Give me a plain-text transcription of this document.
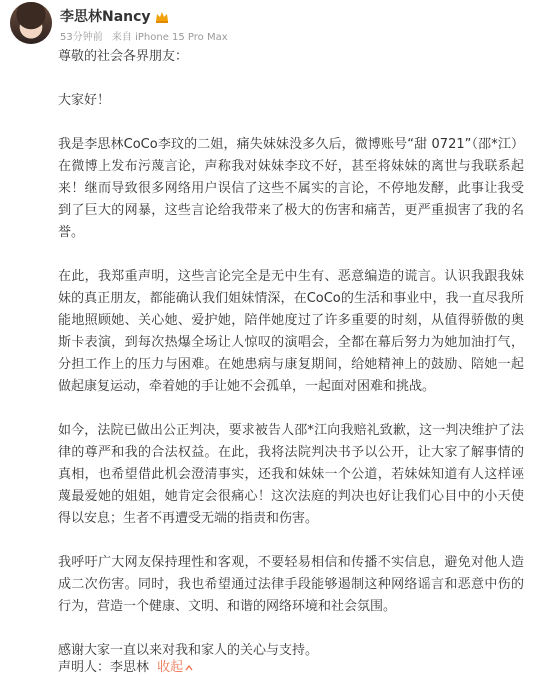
李思林Nancy
53分钟前 来自 iPhone 15 Pro Max

尊敬的社会各界朋友：

大家好！

我是李思林CoCo李玟的二姐，痛失妹妹没多久后，微博账号“甜 0721”（邵*江）在微博上发布污蔑言论，声称我对妹妹李玟不好，甚至将妹妹的离世与我联系起来！继而导致很多网络用户误信了这些不属实的言论，不停地发酵，此事让我受到了巨大的网暴，这些言论给我带来了极大的伤害和痛苦，更严重损害了我的名誉。

在此，我郑重声明，这些言论完全是无中生有、恶意编造的谎言。认识我跟我妹妹的真正朋友，都能确认我们姐妹情深，在CoCo的生活和事业中，我一直尽我所能地照顾她、关心她、爱护她，陪伴她度过了许多重要的时刻，从值得骄傲的奥斯卡表演，到每次热爆全场让人惊叹的演唱会，全都在幕后努力为她加油打气，分担工作上的压力与困难。在她患病与康复期间，给她精神上的鼓励、陪她一起做起康复运动，牵着她的手让她不会孤单，一起面对困难和挑战。

如今，法院已做出公正判决，要求被告人邵*江向我赔礼致歉，这一判决维护了法律的尊严和我的合法权益。在此，我将法院判决书予以公开，让大家了解事情的真相，也希望借此机会澄清事实，还我和妹妹一个公道，若妹妹知道有人这样诬蔑最爱她的姐姐，她肯定会很痛心！这次法庭的判决也好让我们心目中的小天使得以安息；生者不再遭受无端的指责和伤害。

我呼吁广大网友保持理性和客观，不要轻易相信和传播不实信息，避免对他人造成二次伤害。同时，我也希望通过法律手段能够遏制这种网络谣言和恶意中伤的行为，营造一个健康、文明、和谐的网络环境和社会氛围。

感谢大家一直以来对我和家人的关心与支持。

声明人：李思林 收起
